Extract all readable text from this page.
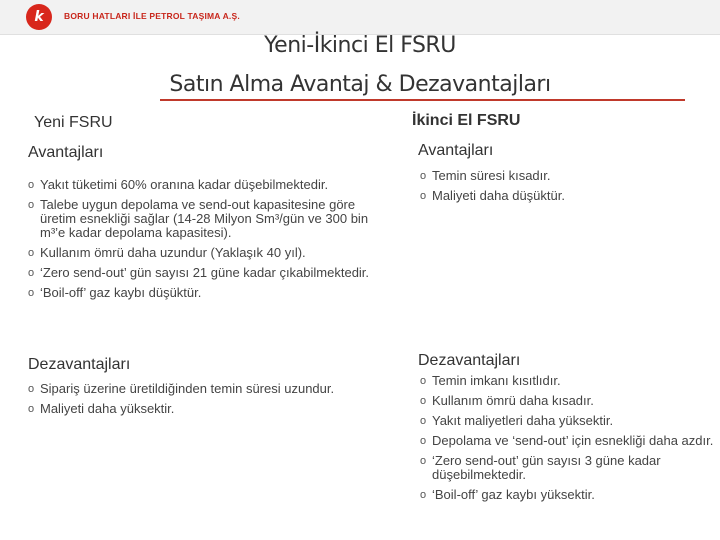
k BORU HATLARI İLE PETROL TAŞIMA A.Ş.
Yeni-İkinci El FSRU
Satın Alma Avantaj & Dezavantajları
Yeni FSRU
Avantajları
o Yakıt tüketimi 60% oranına kadar düşebilmektedir.
o Talebe uygun depolama ve send-out kapasitesine göre üretim esnekliği sağlar (14-28 Milyon Sm³/gün ve 300 bin m³’e kadar depolama kapasitesi).
o Kullanım ömrü daha uzundur (Yaklaşık 40 yıl).
o ‘Zero send-out’ gün sayısı 21 güne kadar çıkabilmektedir.
o ‘Boil-off’ gaz kaybı düşüktür.
Dezavantajları
o Sipariş üzerine üretildiğinden temin süresi uzundur.
o Maliyeti daha yüksektir.
İkinci El FSRU
Avantajları
o Temin süresi kısadır.
o Maliyeti daha düşüktür.
Dezavantajları
o Temin imkanı kısıtlıdır.
o Kullanım ömrü daha kısadır.
o Yakıt maliyetleri daha yüksektir.
o Depolama ve ‘send-out’ için esnekliği daha azdır.
o ‘Zero send-out’ gün sayısı 3 güne kadar düşebilmektedir.
o ‘Boil-off’ gaz kaybı yüksektir.
